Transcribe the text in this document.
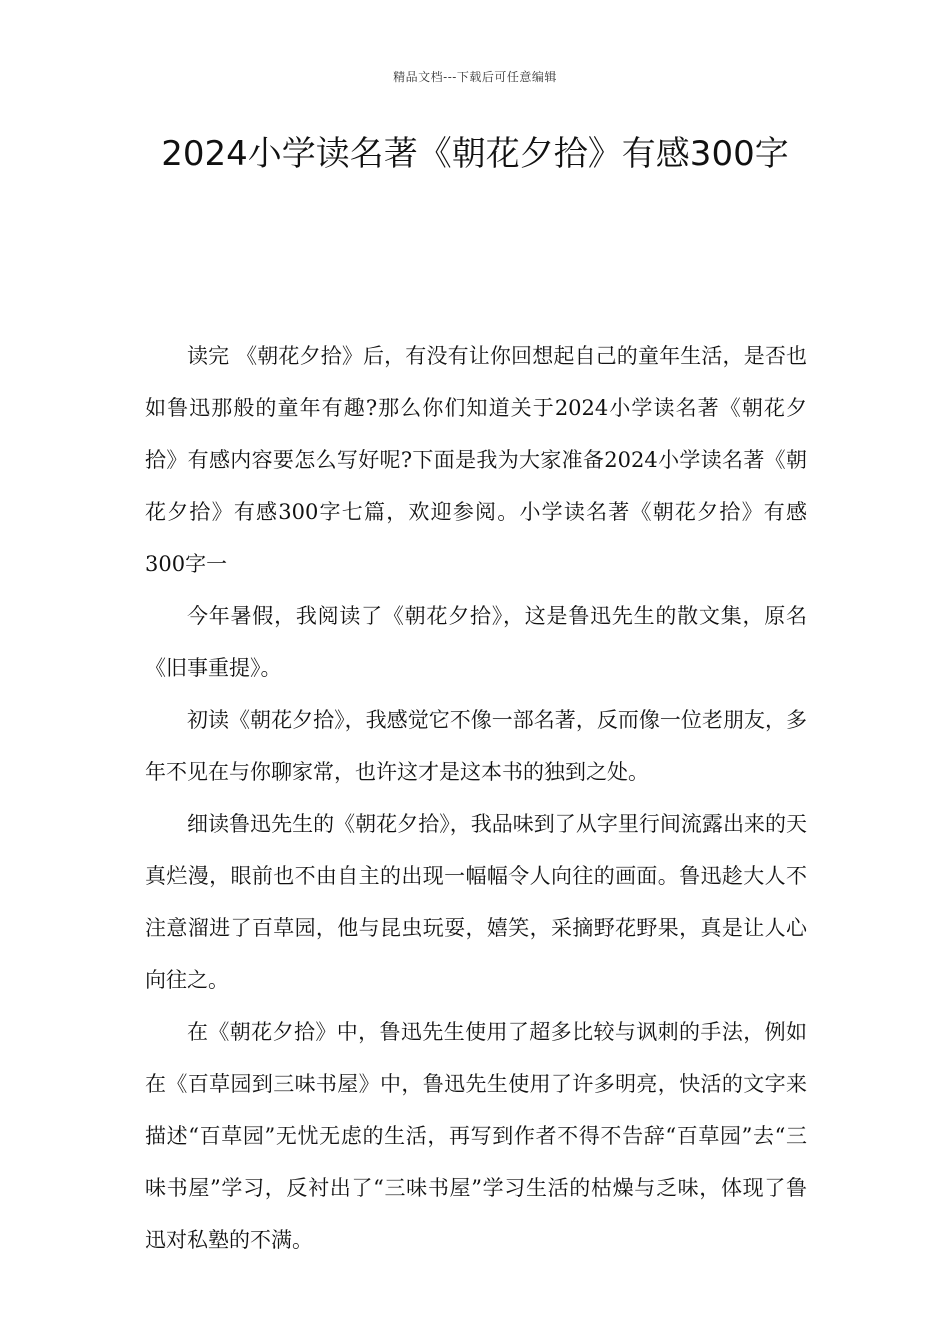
精品文档---下载后可任意编辑
2024小学读名著《朝花夕拾》有感300字

读完 《朝花夕拾》后，有没有让你回想起自己的童年生活，是否也如鲁迅那般的童年有趣?那么你们知道关于2024小学读名著《朝花夕拾》有感内容要怎么写好呢?下面是我为大家准备2024小学读名著《朝花夕拾》有感300字七篇，欢迎参阅。小学读名著《朝花夕拾》有感300字一

今年暑假，我阅读了《朝花夕拾》，这是鲁迅先生的散文集，原名《旧事重提》。

初读《朝花夕拾》，我感觉它不像一部名著，反而像一位老朋友，多年不见在与你聊家常，也许这才是这本书的独到之处。

细读鲁迅先生的《朝花夕拾》，我品味到了从字里行间流露出来的天真烂漫，眼前也不由自主的出现一幅幅令人向往的画面。鲁迅趁大人不注意溜进了百草园，他与昆虫玩耍，嬉笑，采摘野花野果，真是让人心向往之。

在《朝花夕拾》中，鲁迅先生使用了超多比较与讽刺的手法，例如在《百草园到三味书屋》中，鲁迅先生使用了许多明亮，快活的文字来描述“百草园”无忧无虑的生活，再写到作者不得不告辞“百草园”去“三味书屋”学习，反衬出了“三味书屋”学习生活的枯燥与乏味，体现了鲁迅对私塾的不满。
